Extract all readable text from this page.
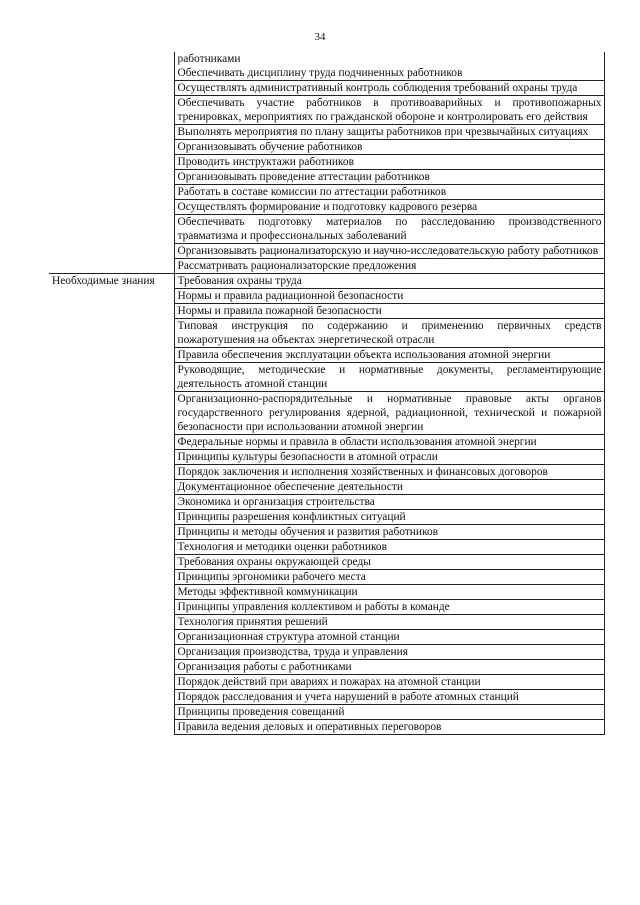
34
	работниками
Обеспечивать дисциплину труда подчиненных работников
	Осуществлять административный контроль соблюдения требований охраны труда
	Обеспечивать участие работников в противоаварийных и противопожарных тренировках, мероприятиях по гражданской обороне и контролировать его действия
	Выполнять мероприятия по плану защиты работников при чрезвычайных ситуациях
	Организовывать обучение работников
	Проводить инструктажи работников
	Организовывать проведение аттестации работников
	Работать в составе комиссии по аттестации работников
	Осуществлять формирование и подготовку кадрового резерва
	Обеспечивать подготовку материалов по расследованию производственного травматизма и профессиональных заболеваний
	Организовывать рационализаторскую и научно-исследовательскую работу работников
	Рассматривать рационализаторские предложения
Необходимые знания	Требования охраны труда
	Нормы и правила радиационной безопасности
	Нормы и правила пожарной безопасности
	Типовая инструкция по содержанию и применению первичных средств пожаротушения на объектах энергетической отрасли
	Правила обеспечения эксплуатации объекта использования атомной энергии
	Руководящие, методические и нормативные документы, регламентирующие деятельность атомной станции
	Организационно-распорядительные и нормативные правовые акты органов государственного регулирования ядерной, радиационной, технической и пожарной безопасности при использовании атомной энергии
	Федеральные нормы и правила в области использования атомной энергии
	Принципы культуры безопасности в атомной отрасли
	Порядок заключения и исполнения хозяйственных и финансовых договоров
	Документационное обеспечение деятельности
	Экономика и организация строительства
	Принципы разрешения конфликтных ситуаций
	Принципы и методы обучения и развития работников
	Технология и методики оценки работников
	Требования охраны окружающей среды
	Принципы эргономики рабочего места
	Методы эффективной коммуникации
	Принципы управления коллективом и работы в команде
	Технология принятия решений
	Организационная структура атомной станции
	Организация производства, труда и управления
	Организация работы с работниками
	Порядок действий при авариях и пожарах на атомной станции
	Порядок расследования и учета нарушений в работе атомных станций
	Принципы проведения совещаний
	Правила ведения деловых и оперативных переговоров
